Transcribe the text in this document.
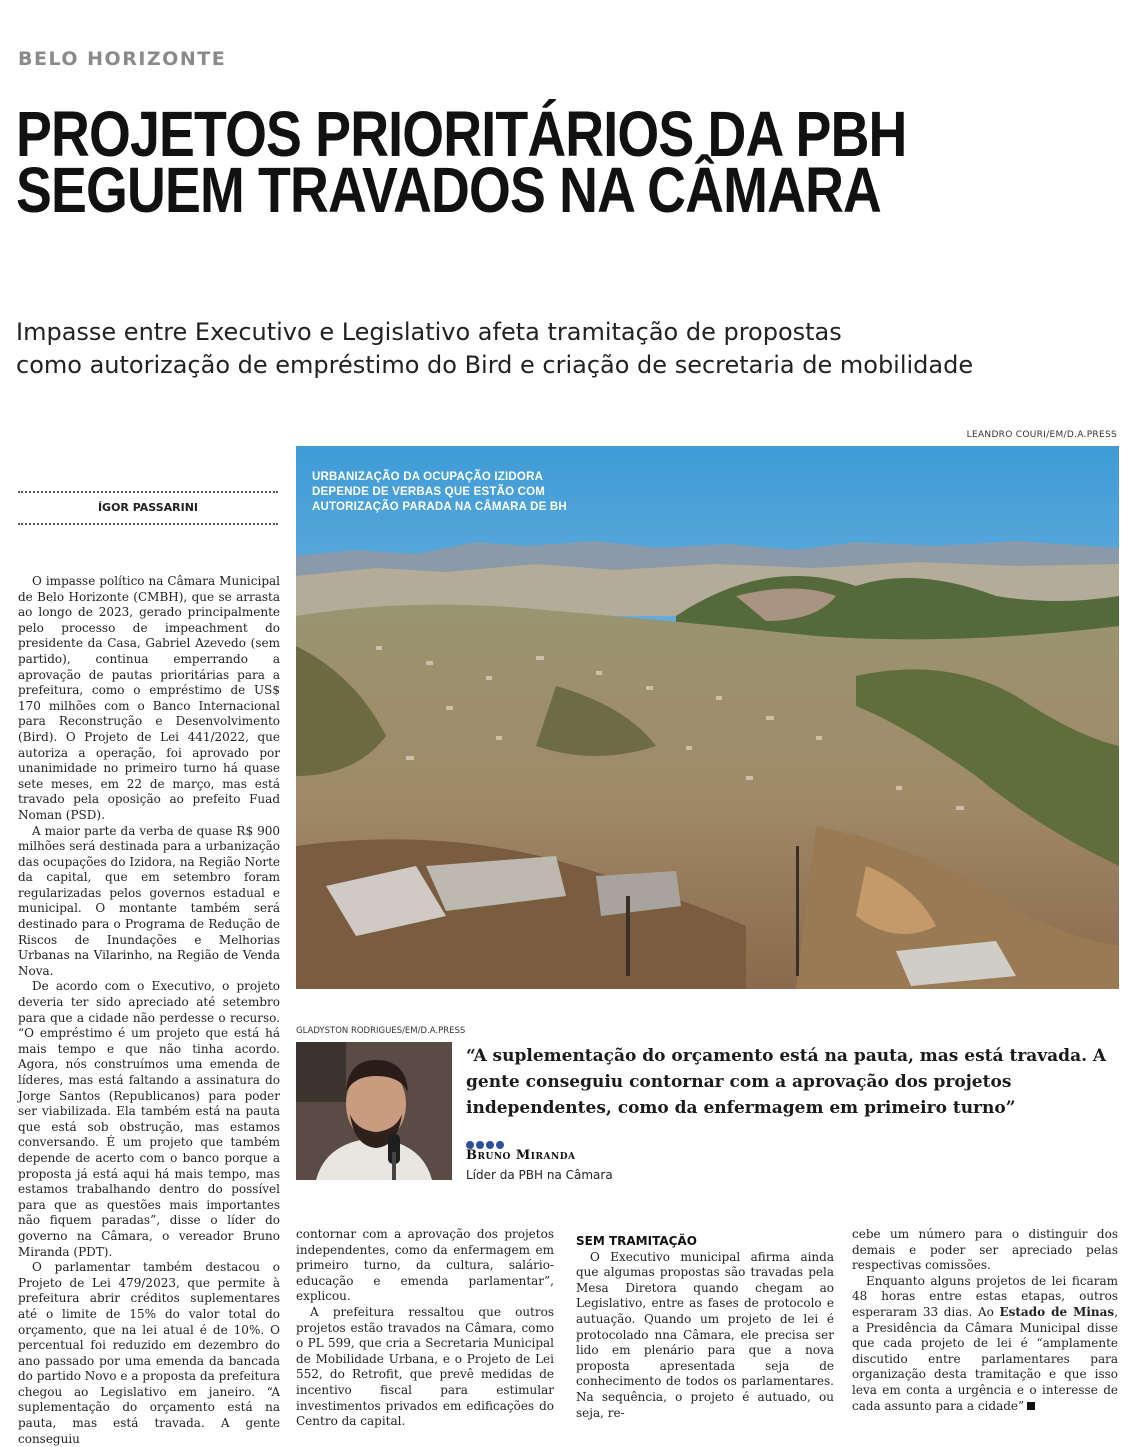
BELO HORIZONTE
PROJETOS PRIORITÁRIOS DA PBH
SEGUEM TRAVADOS NA CÂMARA
Impasse entre Executivo e Legislativo afeta tramitação de propostas
como autorização de empréstimo do Bird e criação de secretaria de mobilidade
LEANDRO COURI/EM/D.A.PRESS
ÍGOR PASSARINI
URBANIZAÇÃO DA OCUPAÇÃO IZIDORA DEPENDE DE VERBAS QUE ESTÃO COM AUTORIZAÇÃO PARADA NA CÂMARA DE BH

O impasse político na Câmara Municipal de Belo Horizonte (CMBH), que se arrasta ao longo de 2023, gerado principalmente pelo processo de impeachment do presidente da Casa, Gabriel Azevedo (sem partido), continua emperrando a aprovação de pautas prioritárias para a prefeitura, como o empréstimo de US$ 170 milhões com o Banco Internacional para Reconstrução e Desenvolvimento (Bird). O Projeto de Lei 441/2022, que autoriza a operação, foi aprovado por unanimidade no primeiro turno há quase sete meses, em 22 de março, mas está travado pela oposição ao prefeito Fuad Noman (PSD).

A maior parte da verba de quase R$ 900 milhões será destinada para a urbanização das ocupações do Izidora, na Região Norte da capital, que em setembro foram regularizadas pelos governos estadual e municipal. O montante também será destinado para o Programa de Redução de Riscos de Inundações e Melhorias Urbanas na Vilarinho, na Região de Venda Nova.

De acordo com o Executivo, o projeto deveria ter sido apreciado até setembro para que a cidade não perdesse o recurso. “O empréstimo é um projeto que está há mais tempo e que não tinha acordo. Agora, nós construímos uma emenda de líderes, mas está faltando a assinatura do Jorge Santos (Republicanos) para poder ser viabilizada. Ela também está na pauta que está sob obstrução, mas estamos conversando. É um projeto que também depende de acerto com o banco porque a proposta já está aqui há mais tempo, mas estamos trabalhando dentro do possível para que as questões mais importantes não fiquem paradas”, disse o líder do governo na Câmara, o vereador Bruno Miranda (PDT).

O parlamentar também destacou o Projeto de Lei 479/2023, que permite à prefeitura abrir créditos suplementares até o limite de 15% do valor total do orçamento, que na lei atual é de 10%. O percentual foi reduzido em dezembro do ano passado por uma emenda da bancada do partido Novo e a proposta da prefeitura chegou ao Legislativo em janeiro. “A suplementação do orçamento está na pauta, mas está travada. A gente conseguiu

GLADYSTON RODRIGUES/EM/D.A.PRESS
“A suplementação do orçamento está na pauta, mas está travada. A gente conseguiu contornar com a aprovação dos projetos independentes, como da enfermagem em primeiro turno”
Bruno Miranda
Líder da PBH na Câmara

contornar com a aprovação dos projetos independentes, como da enfermagem em primeiro turno, da cultura, salário-educação e emenda parlamentar”, explicou.

A prefeitura ressaltou que outros projetos estão travados na Câmara, como o PL 599, que cria a Secretaria Municipal de Mobilidade Urbana, e o Projeto de Lei 552, do Retrofit, que prevê medidas de incentivo fiscal para estimular investimentos privados em edificações do Centro da capital.

SEM TRAMITAÇÃO

O Executivo municipal afirma ainda que algumas propostas são travadas pela Mesa Diretora quando chegam ao Legislativo, entre as fases de protocolo e autuação. Quando um projeto de lei é protocolado nna Câmara, ele precisa ser lido em plenário para que a nova proposta apresentada seja de conhecimento de todos os parlamentares. Na sequência, o projeto é autuado, ou seja, re-

cebe um número para o distinguir dos demais e poder ser apreciado pelas respectivas comissões.

Enquanto alguns projetos de lei ficaram 48 horas entre estas etapas, outros esperaram 33 dias. Ao Estado de Minas, a Presidência da Câmara Municipal disse que cada projeto de lei é “amplamente discutido entre parlamentares para organização desta tramitação e que isso leva em conta a urgência e o interesse de cada assunto para a cidade”
